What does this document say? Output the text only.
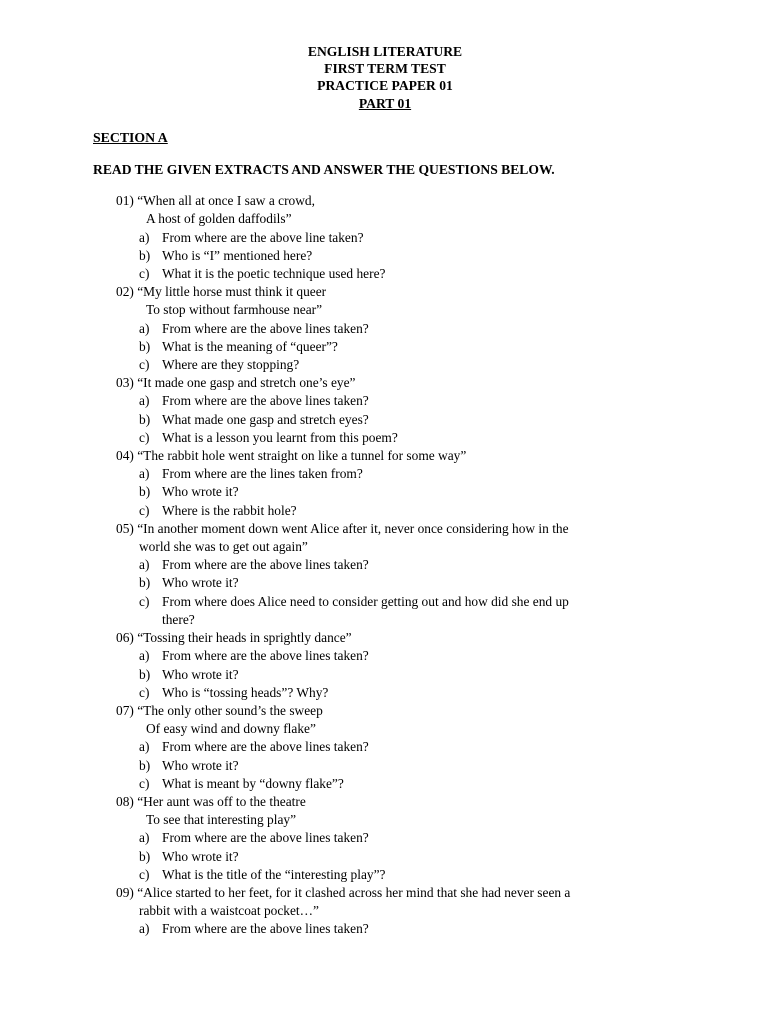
ENGLISH LITERATURE
FIRST TERM TEST
PRACTICE PAPER 01
PART 01
SECTION A
READ THE GIVEN EXTRACTS AND ANSWER THE QUESTIONS BELOW.
01) “When all at once I saw a crowd,
A host of golden daffodils”
a) From where are the above line taken?
b) Who is “I” mentioned here?
c) What it is the poetic technique used here?
02) “My little horse must think it queer
To stop without farmhouse near”
a) From where are the above lines taken?
b) What is the meaning of “queer”?
c) Where are they stopping?
03) “It made one gasp and stretch one’s eye”
a) From where are the above lines taken?
b) What made one gasp and stretch eyes?
c) What is a lesson you learnt from this poem?
04) “The rabbit hole went straight on like a tunnel for some way”
a) From where are the lines taken from?
b) Who wrote it?
c) Where is the rabbit hole?
05) “In another moment down went Alice after it, never once considering how in the
world she was to get out again”
a) From where are the above lines taken?
b) Who wrote it?
c) From where does Alice need to consider getting out and how did she end up
there?
06) “Tossing their heads in sprightly dance”
a) From where are the above lines taken?
b) Who wrote it?
c) Who is “tossing heads”? Why?
07) “The only other sound’s the sweep
Of easy wind and downy flake”
a) From where are the above lines taken?
b) Who wrote it?
c) What is meant by “downy flake”?
08) “Her aunt was off to the theatre
To see that interesting play”
a) From where are the above lines taken?
b) Who wrote it?
c) What is the title of the “interesting play”?
09) “Alice started to her feet, for it clashed across her mind that she had never seen a
rabbit with a waistcoat pocket…”
a) From where are the above lines taken?
